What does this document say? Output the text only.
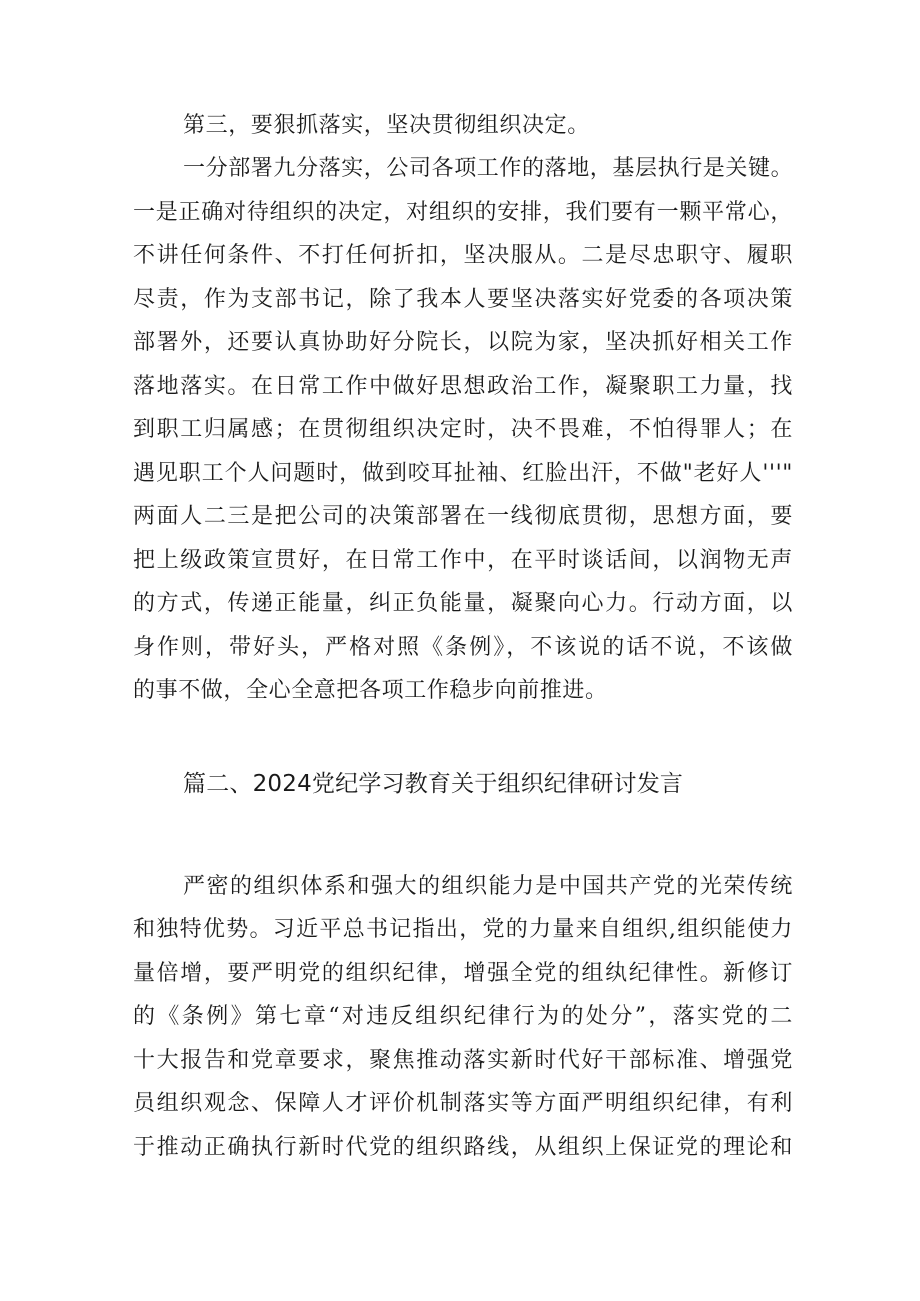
第三，要狠抓落实，坚决贯彻组织决定。
一分部署九分落实，公司各项工作的落地，基层执行是关键。
一是正确对待组织的决定，对组织的安排，我们要有一颗平常心，
不讲任何条件、不打任何折扣，坚决服从。二是尽忠职守、履职
尽责，作为支部书记，除了我本人要坚决落实好党委的各项决策
部署外，还要认真协助好分院长，以院为家，坚决抓好相关工作
落地落实。在日常工作中做好思想政治工作，凝聚职工力量，找
到职工归属感；在贯彻组织决定时，决不畏难，不怕得罪人；在
遇见职工个人问题时，做到咬耳扯袖、红脸出汗，不做"老好人'''"
两面人二三是把公司的决策部署在一线彻底贯彻，思想方面，要
把上级政策宣贯好，在日常工作中，在平时谈话间，以润物无声
的方式，传递正能量，纠正负能量，凝聚向心力。行动方面，以
身作则，带好头，严格对照《条例》，不该说的话不说，不该做
的事不做，全心全意把各项工作稳步向前推进。
篇二、2024党纪学习教育关于组织纪律研讨发言
严密的组织体系和强大的组织能力是中国共产党的光荣传统
和独特优势。习近平总书记指出，党的力量来自组织,组织能使力
量倍增，要严明党的组织纪律，增强全党的组纨纪律性。新修订
的《条例》第七章“对违反组织纪律行为的处分”，落实党的二
十大报告和党章要求，聚焦推动落实新时代好干部标准、增强党
员组织观念、保障人才评价机制落实等方面严明组织纪律，有利
于推动正确执行新时代党的组织路线，从组织上保证党的理论和
